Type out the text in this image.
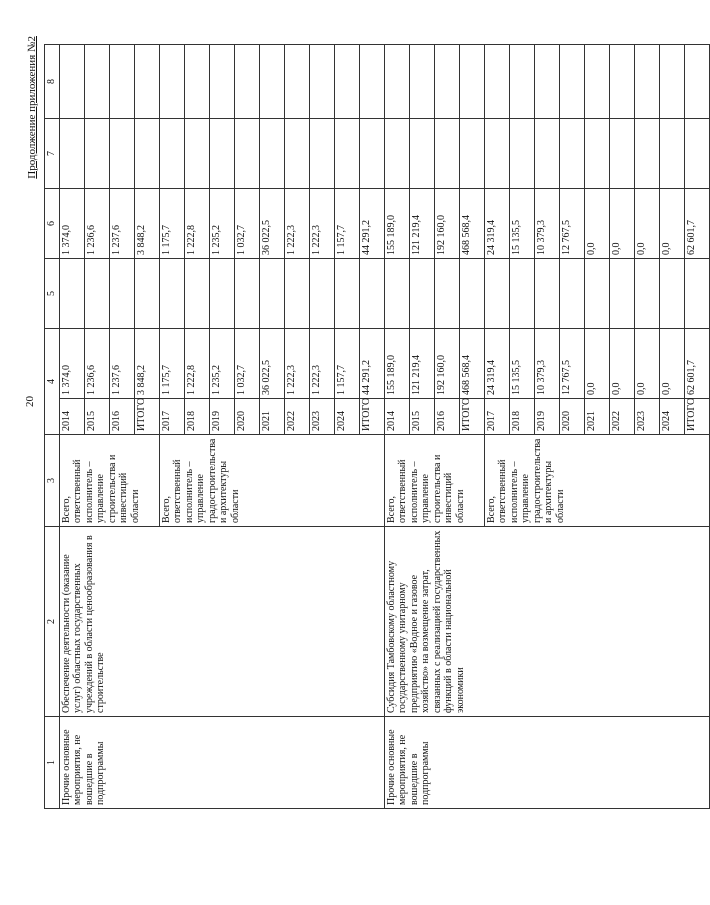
20
Продолжение приложения №2
1	2	3	4		5	6	7	8
Прочие основные мероприятия, не вошедшие в подпрограммы	Обеспечение деятельности (оказание услуг) областных государственных учреждений в области ценообразования в строительстве	Всего, ответственный исполнитель – управление строительства и инвестиций области	2014	1 374,0		1 374,0		
			2015	1 236,6		1 236,6		
			2016	1 237,6		1 237,6		
			ИТОГО	3 848,2		3 848,2		
		Всего, ответственный исполнитель – управление градостроительства и архитектуры области	2017	1 175,7		1 175,7		
			2018	1 222,8		1 222,8		
			2019	1 235,2		1 235,2		
			2020	1 032,7		1 032,7		
			2021	36 022,5		36 022,5		
			2022	1 222,3		1 222,3		
			2023	1 222,3		1 222,3		
			2024	1 157,7		1 157,7		
			ИТОГО	44 291,2		44 291,2		
Прочие основные мероприятия, не вошедшие в подпрограммы	Субсидия Тамбовскому областному государственному унитарному предприятию «Водное и газовое хозяйство» на возмещение затрат, связанных с реализацией государственных функций в области национальной экономики	Всего, ответственный исполнитель – управление строительства и инвестиций области	2014	155 189,0		155 189,0		
			2015	121 219,4		121 219,4		
			2016	192 160,0		192 160,0		
			ИТОГО	468 568,4		468 568,4		
		Всего, ответственный исполнитель – управление градостроительства и архитектуры области	2017	24 319,4		24 319,4		
			2018	15 135,5		15 135,5		
			2019	10 379,3		10 379,3		
			2020	12 767,5		12 767,5		
			2021	0,0		0,0		
			2022	0,0		0,0		
			2023	0,0		0,0		
			2024	0,0		0,0		
			ИТОГО	62 601,7		62 601,7		
